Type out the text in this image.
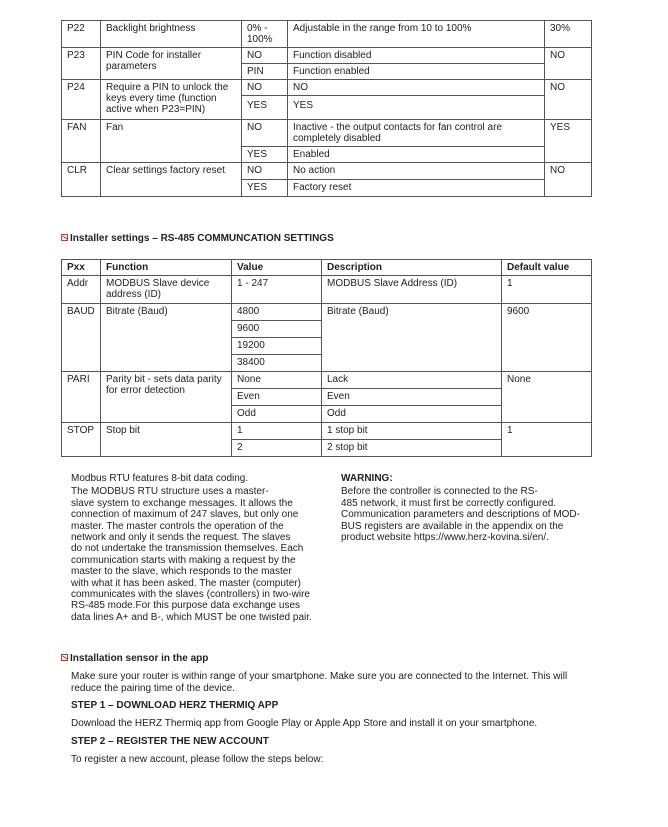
P22	Backlight brightness	0% - 100%	Adjustable in the range from 10 to 100%	30%
P23	PIN Code for installer parameters	NO	Function disabled	NO
		PIN	Function enabled	
P24	Require a PIN to unlock the keys every time (function active when P23=PIN)	NO	NO	NO
		YES	YES	
FAN	Fan	NO	Inactive - the output contacts for fan control are completely disabled	YES
		YES	Enabled	
CLR	Clear settings factory reset	NO	No action	NO
		YES	Factory reset	
Installer settings – RS-485 COMMUNCATION SETTINGS
Pxx	Function	Value	Description	Default value
Addr	MODBUS Slave device address (ID)	1 - 247	MODBUS Slave Address (ID)	1
BAUD	Bitrate (Baud)	4800	Bitrate (Baud)	9600
		9600		
		19200		
		38400		
PARI	Parity bit - sets data parity for error detection	None	Lack	None
		Even	Even	
		Odd	Odd	
STOP	Stop bit	1	1 stop bit	1
		2	2 stop bit	
Modbus RTU features 8-bit data coding.
The MODBUS RTU structure uses a master-
slave system to exchange messages. It allows the
connection of maximum of 247 slaves, but only one
master. The master controls the operation of the
network and only it sends the request. The slaves
do not undertake the transmission themselves. Each
communication starts with making a request by the
master to the slave, which responds to the master
with what it has been asked. The master (computer)
communicates with the slaves (controllers) in two-wire
RS-485 mode.For this purpose data exchange uses
data lines A+ and B-, which MUST be one twisted pair.
WARNING:
Before the controller is connected to the RS-
485 network, it must first be correctly configured.
Communication parameters and descriptions of MOD-
BUS registers are available in the appendix on the
product website https://www.herz-kovina.si/en/.
Installation sensor in the app
Make sure your router is within range of your smartphone. Make sure you are connected to the Internet. This will
reduce the pairing time of the device.
STEP 1 – DOWNLOAD HERZ THERMIQ APP
Download the HERZ Thermiq app from Google Play or Apple App Store and install it on your smartphone.
STEP 2 – REGISTER THE NEW ACCOUNT
To register a new account, please follow the steps below:
